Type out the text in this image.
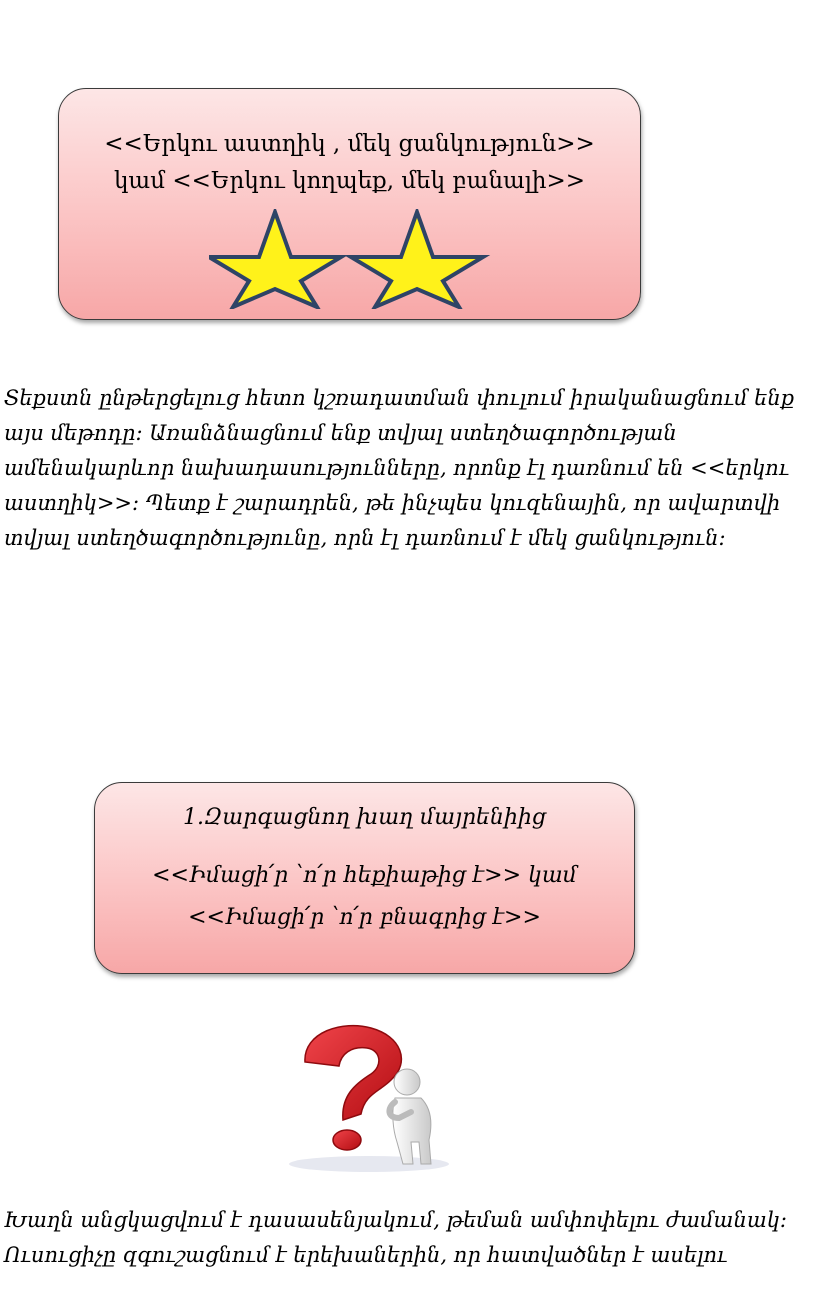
<<Երկու աստղիկ , մեկ ցանկություն>>
կամ <<Երկու կողպեք, մեկ բանալի>>
Տեքստն ընթերցելուց հետո կշռադատման փուլում իրականացնում ենք
այս մեթոդը: Առանձնացնում ենք տվյալ ստեղծագործության
ամենակարևոր նախադասությունները, որոնք էլ դառնում են <<երկու
աստղիկ>>: Պետք է շարադրեն, թե ինչպես կուզենային, որ ավարտվի
տվյալ ստեղծագործությունը, որն էլ դառնում է մեկ ցանկություն:
1.Զարգացնող խաղ մայրենիից
<<Իմացի՛ր ՝ո՛ր հեքիաթից է>> կամ
<<Իմացի՛ր ՝ո՛ր բնագրից է>>
Խաղն անցկացվում է դասասենյակում, թեման ամփոփելու ժամանակ:
Ուսուցիչը զգուշացնում է երեխաներին, որ հատվածներ է ասելու
